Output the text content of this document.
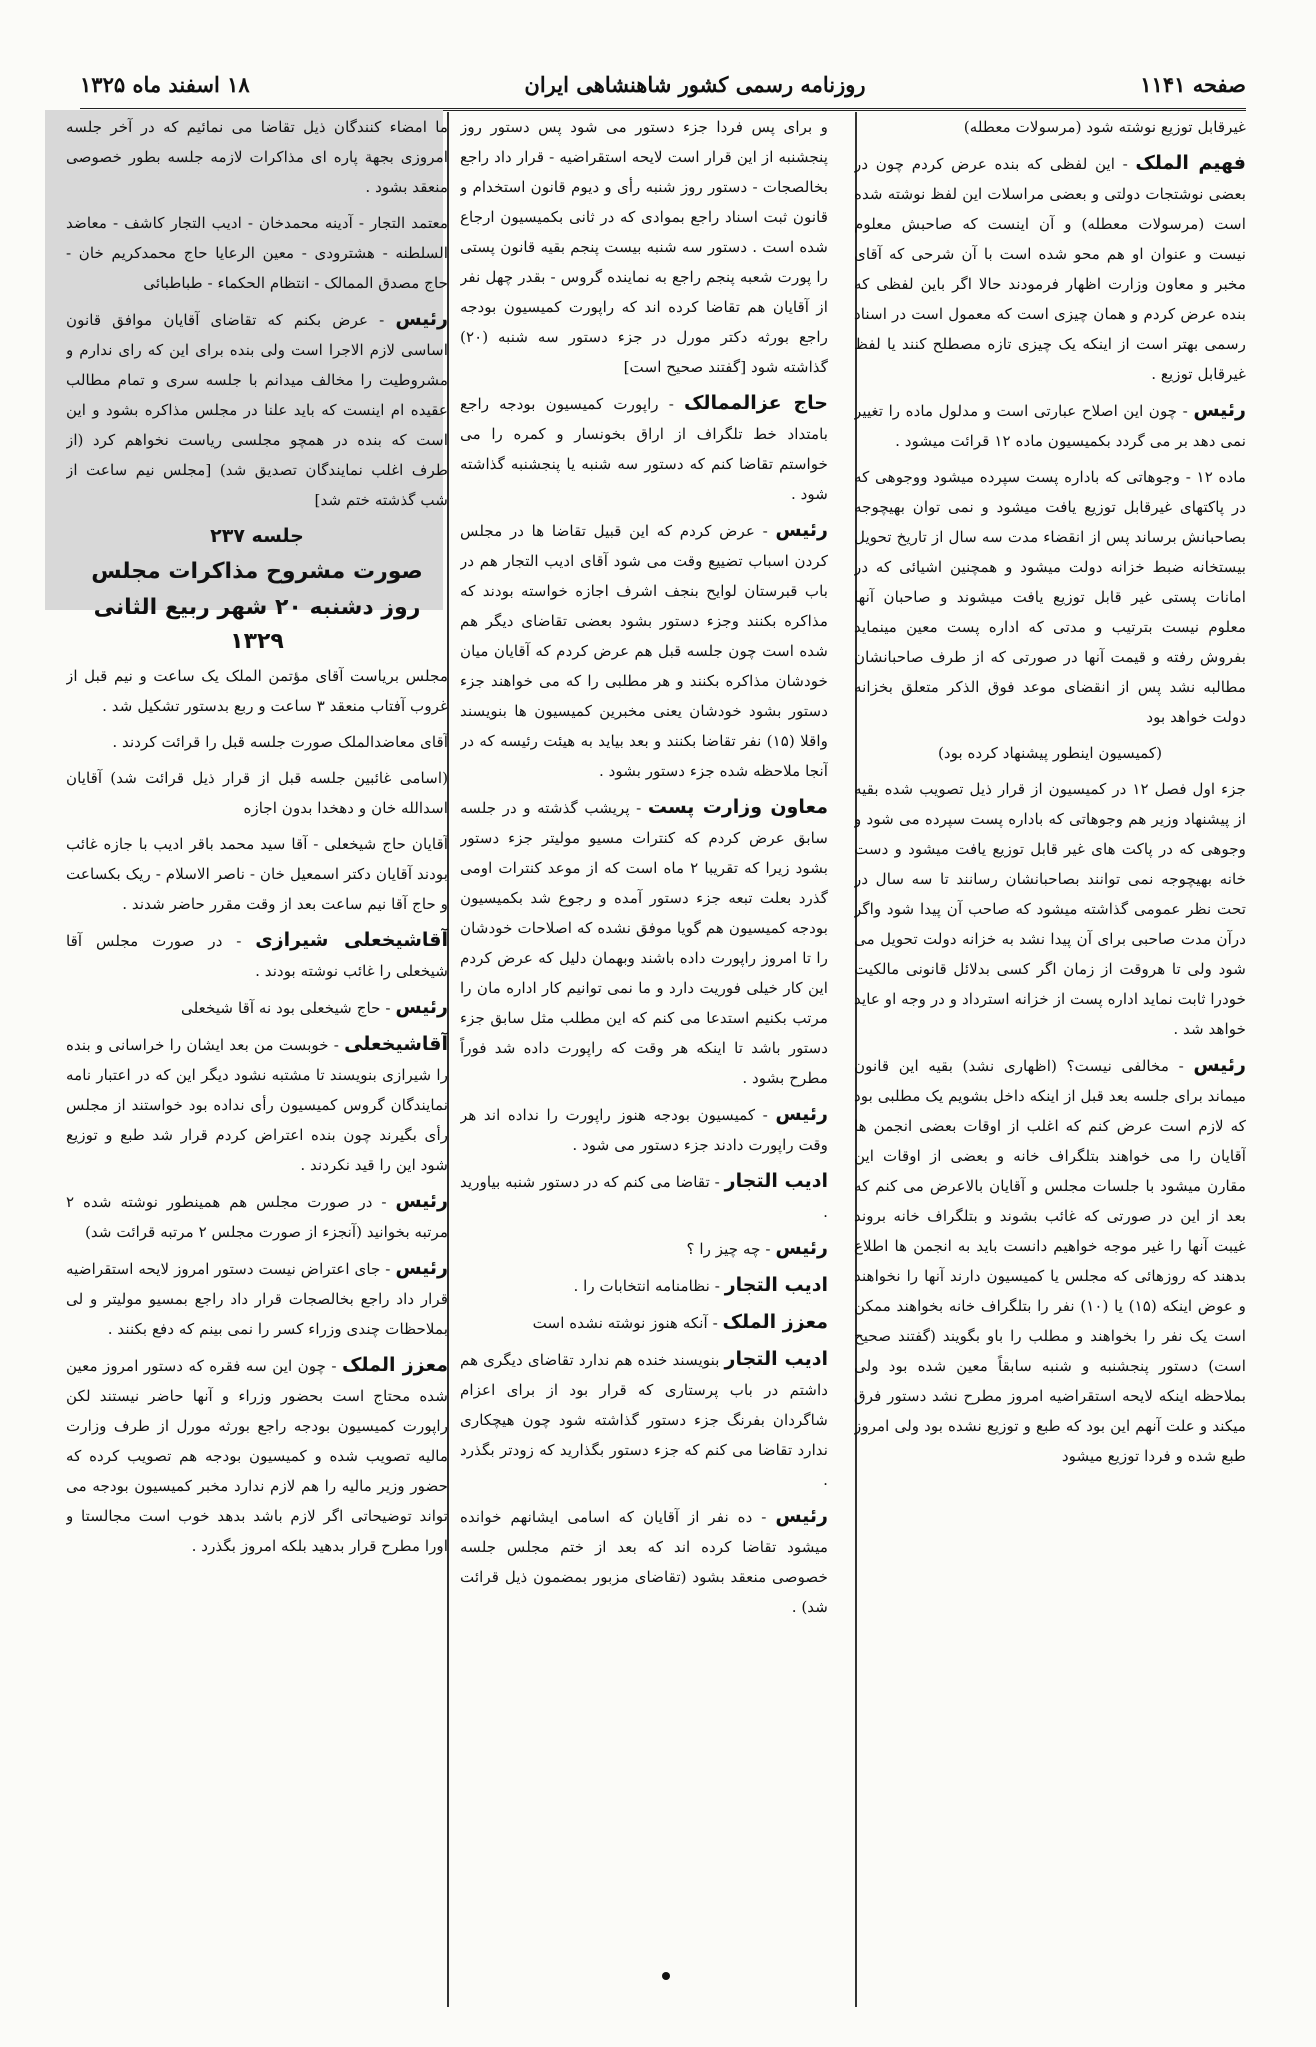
صفحه ۱۱۴۱
روزنامه رسمی کشور شاهنشاهی ایران
۱۸ اسفند ماه ۱۳۲۵

غیرقابل توزیع نوشته شود (مرسولات معطله)

فهیم الملک - این لفظی که بنده عرض کردم چون در بعضی نوشتجات دولتی و بعضی مراسلات این لفظ نوشته شده است (مرسولات معطله) و آن اینست که صاحبش معلوم نیست و عنوان او هم محو شده است با آن شرحی که آقای مخبر و معاون وزارت اظهار فرمودند حالا اگر باین لفظی که بنده عرض کردم و همان چیزی است که معمول است در اسناد رسمی بهتر است از اینکه یک چیزی تازه مصطلح کنند یا لفظ غیرقابل توزیع .

رئیس - چون این اصلاح عبارتی است و مدلول ماده را تغییر نمی دهد بر می گردد بکمیسیون ماده ۱۲ قرائت میشود .

ماده ۱۲ - وجوهاتی که باداره پست سپرده میشود ووجوهی که در پاکتهای غیرقابل توزیع یافت میشود و نمی توان بهیچوجه بصاحبانش برساند پس از انقضاء مدت سه سال از تاریخ تحویل بیستخانه ضبط خزانه دولت میشود و همچنین اشیائی که در امانات پستی غیر قابل توزیع یافت میشوند و صاحبان آنها معلوم نیست بترتیب و مدتی که اداره پست معین مینماید بفروش رفته و قیمت آنها در صورتی که از طرف صاحبانشان مطالبه نشد پس از انقضای موعد فوق الذکر متعلق بخزانه دولت خواهد بود

(کمیسیون اینطور پیشنهاد کرده بود)

جزء اول فصل ۱۲ در کمیسیون از قرار ذیل تصویب شده بقیه از پیشنهاد وزیر هم وجوهاتی که باداره پست سپرده می شود و وجوهی که در پاکت های غیر قابل توزیع یافت میشود و دست خانه بهیچوجه نمی توانند بصاحبانشان رسانند تا سه سال در تحت نظر عمومی گذاشته میشود که صاحب آن پیدا شود واگر درآن مدت صاحبی برای آن پیدا نشد به خزانه دولت تحویل می شود ولی تا هروقت از زمان اگر کسی بدلائل قانونی مالکیت خودرا ثابت نماید اداره پست از خزانه استرداد و در وجه او عاید خواهد شد .

رئیس - مخالفی نیست؟ (اظهاری نشد) بقیه این قانون میماند برای جلسه بعد قبل از اینکه داخل بشویم یک مطلبی بود که لازم است عرض کنم که اغلب از اوقات بعضی انجمن ها آقایان را می خواهند بتلگراف خانه و بعضی از اوقات این مقارن میشود با جلسات مجلس و آقایان بالاعرض می کنم که بعد از این در صورتی که غائب بشوند و بتلگراف خانه بروند غیبت آنها را غیر موجه خواهیم دانست باید به انجمن ها اطلاع بدهند که روزهائی که مجلس یا کمیسیون دارند آنها را نخواهند و عوض اینکه (۱۵) یا (۱۰) نفر را بتلگراف خانه بخواهند ممکن است یک نفر را بخواهند و مطلب را باو بگویند (گفتند صحیح است) دستور پنجشنبه و شنبه سابقاً معین شده بود ولی بملاحظه اینکه لایحه استقراضیه امروز مطرح نشد دستور فرق میکند و علت آنهم این بود که طبع و توزیع نشده بود ولی امروز طبع شده و فردا توزیع میشود

و برای پس فردا جزء دستور می شود پس دستور روز پنجشنبه از این قرار است لایحه استقراضیه - قرار داد راجع بخالصجات - دستور روز شنبه رأی و دیوم قانون استخدام و قانون ثبت اسناد راجع بموادی که در ثانی بکمیسیون ارجاع شده است . دستور سه شنبه بیست پنجم بقیه قانون پستی را پورت شعبه پنجم راجع به نماینده گروس - بقدر چهل نفر از آقایان هم تقاضا کرده اند که راپورت کمیسیون بودجه راجع بورثه دکتر مورل در جزء دستور سه شنبه (۲۰) گذاشته شود [گفتند صحیح است]

حاج عزالممالک - راپورت کمیسیون بودجه راجع بامتداد خط تلگراف از اراق بخونسار و کمره را می خواستم تقاضا کنم که دستور سه شنبه یا پنجشنبه گذاشته شود .

رئیس - عرض کردم که این قبیل تقاضا ها در مجلس کردن اسباب تضییع وقت می شود آقای ادیب التجار هم در باب قبرستان لوایح بنجف اشرف اجازه خواسته بودند که مذاکره بکنند وجزء دستور بشود بعضی تقاضای دیگر هم شده است چون جلسه قبل هم عرض کردم که آقایان میان خودشان مذاکره بکنند و هر مطلبی را که می خواهند جزء دستور بشود خودشان یعنی مخبرین کمیسیون ها بنویسند واقلا (۱۵) نفر تقاضا بکنند و بعد بیاید به هیئت رئیسه که در آنجا ملاحظه شده جزء دستور بشود .

معاون وزارت پست - پریشب گذشته و در جلسه سابق عرض کردم که کنترات مسیو مولیتر جزء دستور بشود زیرا که تقریبا ۲ ماه است که از موعد کنترات اومی گذرد بعلت تبعه جزء دستور آمده و رجوع شد بکمیسیون بودجه کمیسیون هم گویا موفق نشده که اصلاحات خودشان را تا امروز راپورت داده باشند وبهمان دلیل که عرض کردم این کار خیلی فوریت دارد و ما نمی توانیم کار اداره مان را مرتب بکنیم استدعا می کنم که این مطلب مثل سابق جزء دستور باشد تا اینکه هر وقت که راپورت داده شد فوراً مطرح بشود .

رئیس - کمیسیون بودجه هنوز راپورت را نداده اند هر وقت راپورت دادند جزء دستور می شود .

ادیب التجار - تقاضا می کنم که در دستور شنبه بیاورید .

رئیس - چه چیز را ؟

ادیب التجار - نظامنامه انتخابات را .

معزز الملک - آنکه هنوز نوشته نشده است

ادیب التجار بنویسند خنده هم ندارد تقاضای دیگری هم داشتم در باب پرستاری که قرار بود از برای اعزام شاگردان بفرنگ جزء دستور گذاشته شود چون هیچکاری ندارد تقاضا می کنم که جزء دستور بگذارید که زودتر بگذرد .

رئیس - ده نفر از آقایان که اسامی ایشانهم خوانده میشود تقاضا کرده اند که بعد از ختم مجلس جلسه خصوصی منعقد بشود (تقاضای مزبور بمضمون ذیل قرائت شد) .

ما امضاء کنندگان ذیل تقاضا می نمائیم که در آخر جلسه امروزی بجهة پاره ای مذاکرات لازمه جلسه بطور خصوصی منعقد بشود .

معتمد التجار - آدینه محمدخان - ادیب التجار کاشف - معاضد السلطنه - هشترودی - معین الرعایا حاج محمدکریم خان - حاج مصدق الممالک - انتظام الحکماء - طباطبائی

رئیس - عرض بکنم که تقاضای آقایان موافق قانون اساسی لازم الاجرا است ولی بنده برای این که رای ندارم و مشروطیت را مخالف میدانم با جلسه سری و تمام مطالب عقیده ام اینست که باید علنا در مجلس مذاکره بشود و این است که بنده در همچو مجلسی ریاست نخواهم کرد (از طرف اغلب نمایندگان تصدیق شد) [مجلس نیم ساعت از شب گذشته ختم شد]

جلسه ۲۳۷
صورت مشروح مذاکرات مجلس
روز دشنبه ۲۰ شهر ربیع الثانی ۱۳۲۹

مجلس بریاست آقای مؤتمن الملک یک ساعت و نیم قبل از غروب آفتاب منعقد ۳ ساعت و ربع بدستور تشکیل شد .

آقای معاضدالملک صورت جلسه قبل را قرائت کردند .

(اسامی غائبین جلسه قبل از قرار ذیل قرائت شد) آقایان اسدالله خان و دهخدا بدون اجازه

آقایان حاج شیخعلی - آقا سید محمد باقر ادیب با جازه غائب بودند آقایان دکتر اسمعیل خان - ناصر الاسلام - ریک بکساعت و حاج آقا نیم ساعت بعد از وقت مقرر حاضر شدند .

آقاشیخعلی شیرازی - در صورت مجلس آقا شیخعلی را غائب نوشته بودند .

رئیس - حاج شیخعلی بود نه آقا شیخعلی

آقاشیخعلی - خوبست من بعد ایشان را خراسانی و بنده را شیرازی بنویسند تا مشتبه نشود دیگر این که در اعتبار نامه نمایندگان گروس کمیسیون رأی نداده بود خواستند از مجلس رأی بگیرند چون بنده اعتراض کردم قرار شد طبع و توزیع شود این را قید نکردند .

رئیس - در صورت مجلس هم همینطور نوشته شده ۲ مرتبه بخوانید (آنجزء از صورت مجلس ۲ مرتبه قرائت شد)

رئیس - جای اعتراض نیست دستور امروز لایحه استقراضیه قرار داد راجع بخالصجات قرار داد راجع بمسیو مولیتر و لی بملاحظات چندی وزراء کسر را نمی بینم که دفع بکنند .

معزز الملک - چون این سه فقره که دستور امروز معین شده محتاج است بحضور وزراء و آنها حاضر نیستند لکن راپورت کمیسیون بودجه راجع بورثه مورل از طرف وزارت مالیه تصویب شده و کمیسیون بودجه هم تصویب کرده که حضور وزیر مالیه را هم لازم ندارد مخبر کمیسیون بودجه می تواند توضیحاتی اگر لازم باشد بدهد خوب است مجالستا و اورا مطرح قرار بدهید بلکه امروز بگذرد .
